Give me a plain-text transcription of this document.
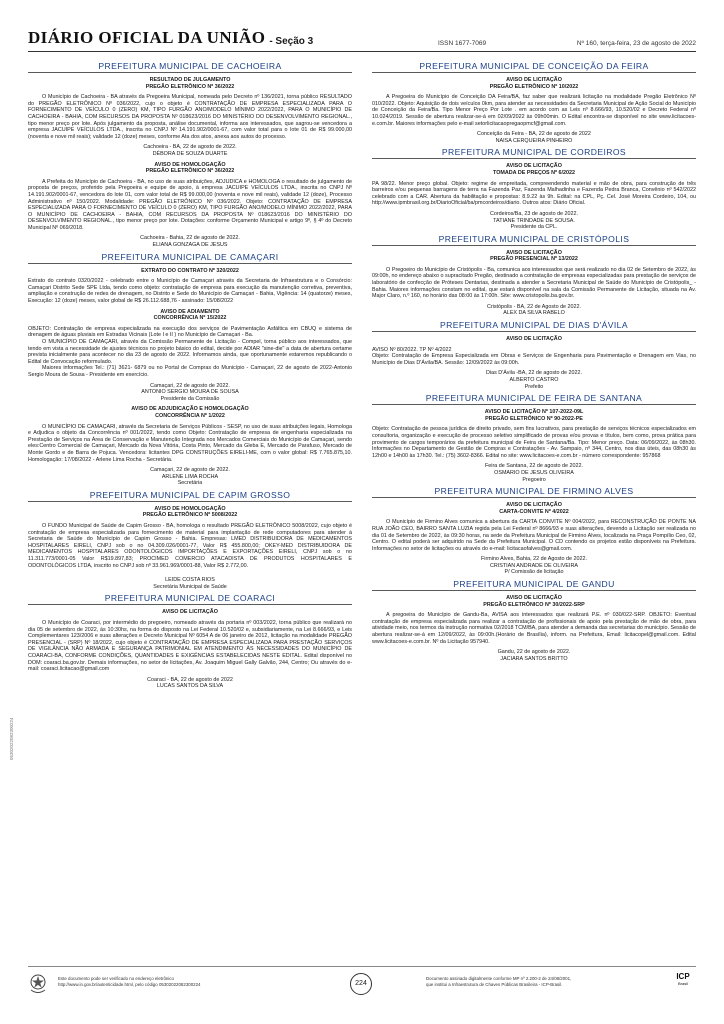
DIÁRIO OFICIAL DA UNIÃO - Seção 3	ISSN 1677-7069	Nº 160, terça-feira, 23 de agosto de 2022
PREFEITURA MUNICIPAL DE CACHOEIRA
RESULTADO DE JULGAMENTO
PREGÃO ELETRÔNICO Nº 36/2022

O Município de Cachoeira - BA através da Pregoeira Municipal, nomeada pelo Decreto nº 136/2021, torna público RESULTADO do PREGÃO ELETRÔNICO Nº 036/2022, cujo o objeto é CONTRATAÇÃO DE EMPRESA ESPECIALIZADA PARA O FORNECIMENTO DE VEÍCULO 0 (ZERO) KM, TIPO FURGÃO ANO/MODELO MÍNIMO 2022/2022, PARA O MUNICÍPIO DE CACHOEIRA - BAHIA, COM RECURSOS DA PROPOSTA Nº 018623/2016 DO MINISTÉRIO DO DESENVOLVIMENTO REGIONAL., tipo menor preço por lote. Após julgamento da proposta, análise documental, informa aos interessados, que sagrou-se vencedora a empresa JACUIPE VEÍCULOS LTDA., inscrita no CNPJ Nº 14.191.902/0001-67, com valor total para o lote 01 de R$ 99.000,00 (noventa e nove mil reais); validade 12 (doze) meses, conforme Ata dos atos, anexa aos autos do processo.

Cachoeira - BA, 22 de agosto de 2022.
DÉBORA DE SOUZA DUARTE
AVISO DE HOMOLOGAÇÃO
PREGÃO ELETRÔNICO Nº 36/2022

A Prefeita do Município de Cachoeira - BA, no uso de suas atribuições, ADJUDICA e HOMOLOGA o resultado de julgamento de proposta de preços, proferido pela Pregoeira e equipe de apoio, à empresa JACUIPE VEÍCULOS LTDA., inscrita no CNPJ Nº 14.191.902/0001-67, vencedora do lote 01, com valor total de R$ 99.000,00 (noventa e nove mil reais), validade 12 (doze), Processo Administrativo nº 150/2022. Modalidade: PREGÃO ELETRÔNICO Nº 036/2022. Objeto: CONTRATAÇÃO DE EMPRESA ESPECIALIZADA PARA O FORNECIMENTO DE VEÍCULO 0 (ZERO) KM, TIPO FURGÃO ANO/MODELO MÍNIMO 2022/2022, PARA O MUNICÍPIO DE CACHOEIRA - BAHIA, COM RECURSOS DA PROPOSTA Nº 018623/2016 DO MINISTÉRIO DO DESENVOLVIMENTO REGIONAL., tipo menor preço por lote. Dotações: conforme Orçamento Municipal e artigo 9º, § 4º do Decreto Municipal Nº 069/2018.

Cachoeira - Bahia, 22 de agosto de 2022.
ELIANA GONZAGA DE JESUS
PREFEITURA MUNICIPAL DE CAMAÇARI
EXTRATO DO CONTRATO Nº 320/2022

Extrato do contrato 0320/2022 - celebrado entre o Município de Camaçari através da Secretaria de Infraestrutura e o Consórcio: Camaçari Distrito Sede SPE Ltda, tendo como objeto: contratação de empresa para execução da manutenção corretiva, preventiva, ampliação e construção de redes de drenagem, no Distrito e Sede do Município de Camaçari - Bahia, Vigência: 14 (quatorze) meses, Execução: 12 (doze) meses, valor global de R$ 26.112.688,76 - assinado: 15/08/2022

AVISO DE ADIAMENTO
CONCORRÊNCIA Nº 15/2022

OBJETO: Contratação de empresa especializada na execução dos serviços de Pavimentação Asfáltica em CBUQ e sistema de drenagem de águas pluviais em Estradas Vicinais (Lote I e II ) no Município de Camaçari - Ba.

O MUNICÍPIO DE CAMAÇARI, através da Comissão Permanente de Licitação - Compel, torna público aos interessados, que tendo em vista a necessidade de ajustes técnicos no projeto básico do edital, decide por ADIAR "sine-die" a data de abertura certame prevista inicialmente para acontecer no dia 23 de agosto de 2022. Informamos ainda, que oportunamente estaremos republicando o Edital de Convocação reformulado.

Maiores informações Tel.: (71) 3621- 6879 ou no Portal de Compras do Município - Camaçari, 22 de agosto de 2022-Antonio Sergio Moura de Sousa - Presidente em exercício.

Camaçari, 22 de agosto de 2022.
ANTONIO SERGIO MOURA DE SOUSA
Presidente da Comissão
AVISO DE ADJUDICAÇÃO E HOMOLOGAÇÃO
CONCORRÊNCIA Nº 1/2022

O MUNICÍPIO DE CAMAÇARI, através da Secretaria de Serviços Públicos - SESP, no uso de suas atribuições legais, Homologa e Adjudica o objeto da Concorrência nº 001/2022, tendo como Objeto: Contratação de empresa de engenharia especializada na Prestação de Serviços na Área de Conservação e Manutenção Integrada nos Mercados Comerciais do Município de Camaçari, sendo eles:Centro Comercial de Camaçari, Mercado da Nova Vitória, Costa Pinto, Mercado da Gleba E, Mercado de Parafuso, Mercado de Monte Gordo e de Barra de Pojuca. Vencedora: licitantes DPG CONSTRUÇÕES EIRELI-ME, com o valor global: R$ 7.765.875,10. Homologação: 17/08/2022 - Arlene Lima Rocha - Secretária.

Camaçari, 22 de agosto de 2022.
ARLENE LIMA ROCHA
Secretária
PREFEITURA MUNICIPAL DE CAPIM GROSSO
AVISO DE HOMOLOGAÇÃO
PREGÃO ELETRÔNICO Nº 5008/2022

O FUNDO Municipal de Saúde de Capim Grosso - BA, homologa o resultado PREGÃO ELETRÔNICO 5008/2022, cujo objeto é contratação de empresa especializada para fornecimento de material para implantação de rede computadores para atender à Secretaria de Saúde do Município de Capim Grosso - Bahia. Empresas: LMED DISTRIBUIDORA DE MEDICAMENTOS HOSPITALARES EIRELI, CNPJ sob o no 04.309.026/0001-77, Valor R$ 455.800,00; OKEY-MED DISTRIBUIDORA DE MEDICAMENTOS HOSPITALARES ODONTOLÓGICOS IMPORTAÇÕES E EXPORTAÇÕES EIRELI, CNPJ sob o no 11.311.773/0001-05 Valor R$19.897,83; PROCIMED COMERCIO ATACADISTA DE PRODUTOS HOSPITALARES E ODONTOLÓGICOS LTDA, inscrito no CNPJ sob nº 33.961.969/0001-88, Valor R$ 2.772,00.

LEIDE COSTA RIOS
Secretária Municipal de Saúde
PREFEITURA MUNICIPAL DE COARACI
AVISO DE LICITAÇÃO

O Município de Coaraci, por intermédio do pregoeiro, nomeado através da portaria nº 003/2022, torna público que realizará no dia 05 de setembro de 2022, às 10:30hs, na forma do disposto na Lei Federal 10.520/02 e, subsidiariamente, na Lei 8.666/93, e Leis Complementares 123/2006 e suas alterações e Decreto Municipal Nº 6054 A de 06 janeiro de 2012, licitação na modalidade PREGÃO PRESENCIAL - (SRP) Nº 18/2022, cujo objeto é CONTRATAÇÃO DE EMPRESA ESPECIALIZADA PARA PRESTAÇÃO SERVIÇOS DE VIGILÂNCIA NÃO ARMADA E SEGURANÇA PATRIMONIAL EM ATENDIMENTO ÀS NECESSIDADES DO MUNICÍPIO DE COARACI-BA, CONFORME CONDIÇÕES, QUANTIDADES E EXIGÊNCIAS ESTABELECIDAS NESTE EDITAL. Edital disponível no DOM: coaraci.ba.gov.br. Demais informações, no setor de licitações, Av. Joaquim Miguel Gally Galvão, 244, Centro; Ou através do e-mail: coaraci.licitacao@gmail.com

Coaraci - BA, 22 de agosto de 2022
LUCAS SANTOS DA SILVA
PREFEITURA MUNICIPAL DE CONCEIÇÃO DA FEIRA
AVISO DE LICITAÇÃO
PREGÃO ELETRÔNICO Nº 10/2022

A Pregoeira do Município de Conceição DA Feira/BA, faz saber que realizará licitação na modalidade Pregão Eletrônico Nº 010/2022. Objeto: Aquisição de dois veículos 0km, para atender as necessidades da Secretaria Municipal de Ação Social do Município de Conceição da Feira/Ba. Tipo Menor Preço Por Lote . em acordo com as Leis nº 8.666/93, 10.520/02 e Decreto Federal nº 10.024/2019. Sessão de abertura realizar-se-á em 02/09/2022 às 09h00min. O Edital encontra-se disponível no site www.licitacoes-e.com.br. Maiores informações pelo e-mail setorlicitacaopregaopmcf@gmail.com.

Conceição da Feira - BA, 22 de agosto de 2022
NAISA CERQUEIRA PINHEIRO
PREFEITURA MUNICIPAL DE CORDEIROS
AVISO DE LICITAÇÃO
TOMADA DE PREÇOS Nº 6/2022

PA 98/22. Menor preço global. Objeto: regime de empreitada, compreendendo material e mão de obra, para construção de três barreiros e/ou pequenas barragens de terra na Fazenda Paz, Fazenda Malhadinha e Fazenda Pedra Branca, Convênio nº 542/2022 celebrado com a CAR. Abertura da habilitação e propostas: 8.9.22 às 9h. Edital: na CPL, Pç. Cel. José Moreira Cordeiro, 104, ou http://www.ipmbrasil.org.br/DiarioOficial/ba/pmcordeiros/diario. Outros atos: Diário Oficial.

Cordeiros/Ba, 23 de agosto de 2022.
TATIANE TRINDADE DE SOUSA.
Presidente da CPL.
PREFEITURA MUNICIPAL DE CRISTÓPOLIS
AVISO DE LICITAÇÃO
PREGÃO PRESENCIAL Nº 13/2022

O Pregoeiro do Município de Cristópolis - Ba, comunica aos interessados que será realizado no dia 02 de Setembro de 2022, às 09:00h, no endereço abaixo o supracitado Pregão, destinado a contratação de empresas especializadas para prestação de serviços de laboratório de confecção de Próteses Dentarias, destinada a atender a Secretaria Municipal de Saúde do Município de Cristópolis_ - Bahia. Maiores informações constam no edital, que estará disponível na sala da Comissão Permanente de Licitação, situada na Av. Major Claro, n.º 160, no horário das 08:00 às 17:00h. Site: www.cristopolis.ba.gov.br.

Cristópolis - BA, 22 de Agosto de 2022.
ALEX DA SILVA RABELO
PREFEITURA MUNICIPAL DE DIAS D'ÁVILA
AVISO DE LICITAÇÃO

AVISO Nº 80/2022. TP Nº 4/2022

Objeto: Contratação de Empresa Especializada em Obras e Serviços de Engenharia para Pavimentação e Drenagem em Vias, no Município de Dias D'Ávila/BA. Sessão: 12/09/2022 às 09:00h.

Dias D'Ávila -BA, 22 de agosto de 2022.
ALBERTO CASTRO
Prefeito
PREFEITURA MUNICIPAL DE FEIRA DE SANTANA
AVISO DE LICITAÇÃO Nº 107-2022-09L
PREGÃO ELETRÔNICO Nº 90-2022-PE

Objeto: Contratação de pessoa jurídica de direito privado, sem fins lucrativos, para prestação de serviços técnicos especializados em consultoria, organização e execução de processo seletivo simplificado de provas e/ou provas e títulos, bem como, prova prática para provimento de cargos temporários da prefeitura municipal de Feira de Santana/Ba. Tipo: Menor preço. Data: 06/09/2022, às 08h30. Informações no Departamento de Gestão de Compras e Contratações - Av. Sampaio, nº 344, Centro, nos dias úteis, das 08h30 às 12h00 e 14h00 às 17h30. Tel.: (75) 3602-8366. Edital no site: www.licitacoes-e.com.br - número correspondente: 957868

Feira de Santana, 22 de agosto de 2022.
OSMARIO DE JESUS OLIVEIRA
Pregoeiro
PREFEITURA MUNICIPAL DE FIRMINO ALVES
AVISO DE LICITAÇÃO
CARTA-CONVITE Nº 4/2022

O Município de Firmino Alves comunica a abertura da CARTA CONVITE Nº 004/2022, para RECONSTRUÇÃO DE PONTE NA RUA JOÃO CEO, BAIRRO SANTA LUZIA regida pela Lei Federal nº 8666/93 e suas alterações, devendo a Licitação ser realizada no dia 01 de Setembro de 2022, às 09:30 horas, na sede da Prefeitura Municipal de Firmino Alves, localizada na Praça Pompílio Ceo, 02, Centro. O edital poderá ser adquirido na Sede da Prefeitura Municipal. O CD contendo os projetos estão disponíveis na Prefeitura. Informações no setor de licitações ou através do e-mail: licitacaofalves@gmail.com.

Firmino Alves, Bahia, 22 de Agosto de 2022.
CRISTIAN ANDRADE DE OLIVEIRA
P/ Comissão de licitação
PREFEITURA MUNICIPAL DE GANDU
AVISO DE LICITAÇÃO
PREGÃO ELETRÔNICO Nº 30/2022-SRP

A pregoeira do Município de Gandu-Ba, AVISA aos interessados que realizará P.E. nº 030/022-SRP. OBJETO: Eventual contratação de empresa especializada para realizar a contratação de profissionais de apoio pela prestação de mão de obra, para atividade meio, nos termos da instrução normativa 02/2018 TCM/BA, para atender a demanda das secretarias do município. Sessão de abertura realizar-se-á em 12/09/2022, às 09:00h.(Horário de Brasília), inform. na Prefeitura, Email: licitacopel@gmail.com. Edital www.licitacoes-e.com.br. Nº da Licitação 957940.

Gandu, 22 de agosto de 2022.
JACIARA SANTOS BRITTO
05302022082300224
Este documento pode ser verificado no endereço eletrônico
http://www.in.gov.br/autenticidade.html, pelo código 05302022082300224	224
Documento assinado digitalmente conforme MP nº 2.200-2 de 24/08/2001,
que institui a Infraestrutura de Chaves Públicas Brasileira - ICP-Brasil.
ICP
Brasil
